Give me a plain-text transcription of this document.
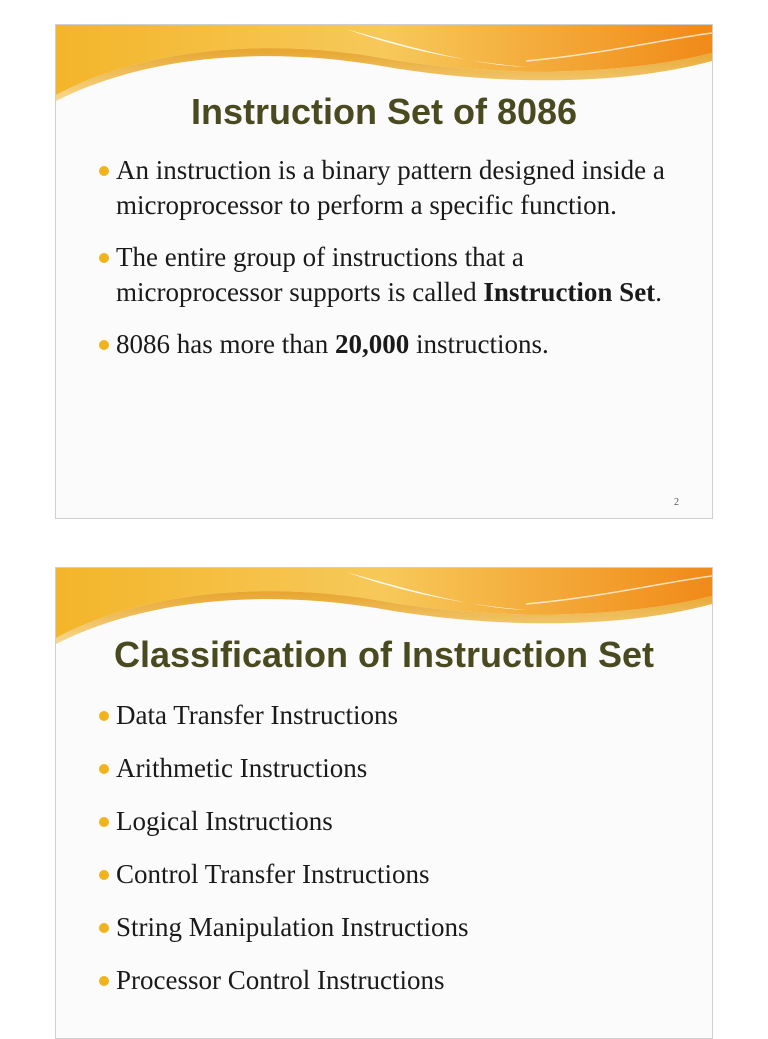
Instruction Set of 8086
An instruction is a binary pattern designed inside a microprocessor to perform a specific function.
The entire group of instructions that a microprocessor supports is called Instruction Set.
8086 has more than 20,000 instructions.
2
Classification of Instruction Set
Data Transfer Instructions
Arithmetic Instructions
Logical Instructions
Control Transfer Instructions
String Manipulation Instructions
Processor Control Instructions
